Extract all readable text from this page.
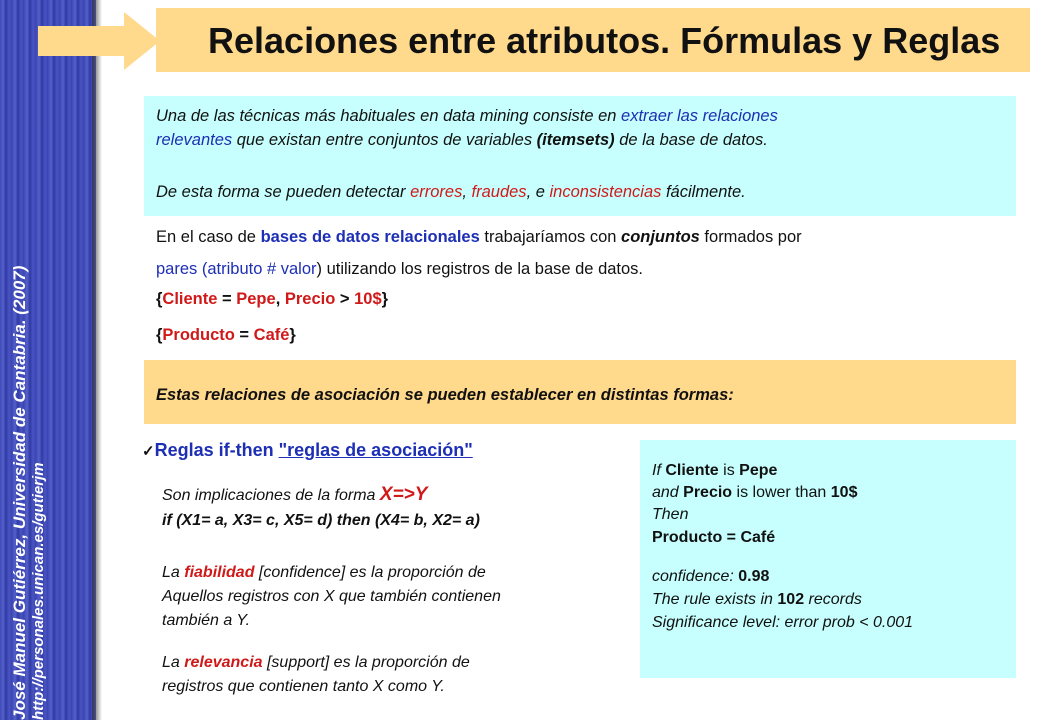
José Manuel Gutiérrez, Universidad de Cantabria. (2007) http://personales.unican.es/gutierjm
Relaciones entre atributos. Fórmulas y Reglas

Una de las técnicas más habituales en data mining consiste en extraer las relaciones

relevantes que existan entre conjuntos de variables (itemsets) de la base de datos.

De esta forma se pueden detectar errores, fraudes, e inconsistencias fácilmente.

En el caso de bases de datos relacionales trabajaríamos con conjuntos formados por
pares (atributo # valor) utilizando los registros de la base de datos.
{Cliente = Pepe, Precio > 10$}
{Producto = Café}
Estas relaciones de asociación se pueden establecer en distintas formas:
✓Reglas if-then "reglas de asociación"
Son implicaciones de la forma X=>Y
if (X1= a, X3= c, X5= d) then (X4= b, X2= a)
La fiabilidad [confidence] es la proporción de
Aquellos registros con X que también contienen
también a Y.
La relevancia [support] es la proporción de
registros que contienen tanto X como Y.
If Cliente is Pepe
and Precio is lower than 10$
Then
Producto = Café
confidence: 0.98
The rule exists in 102 records
Significance level: error prob < 0.001
